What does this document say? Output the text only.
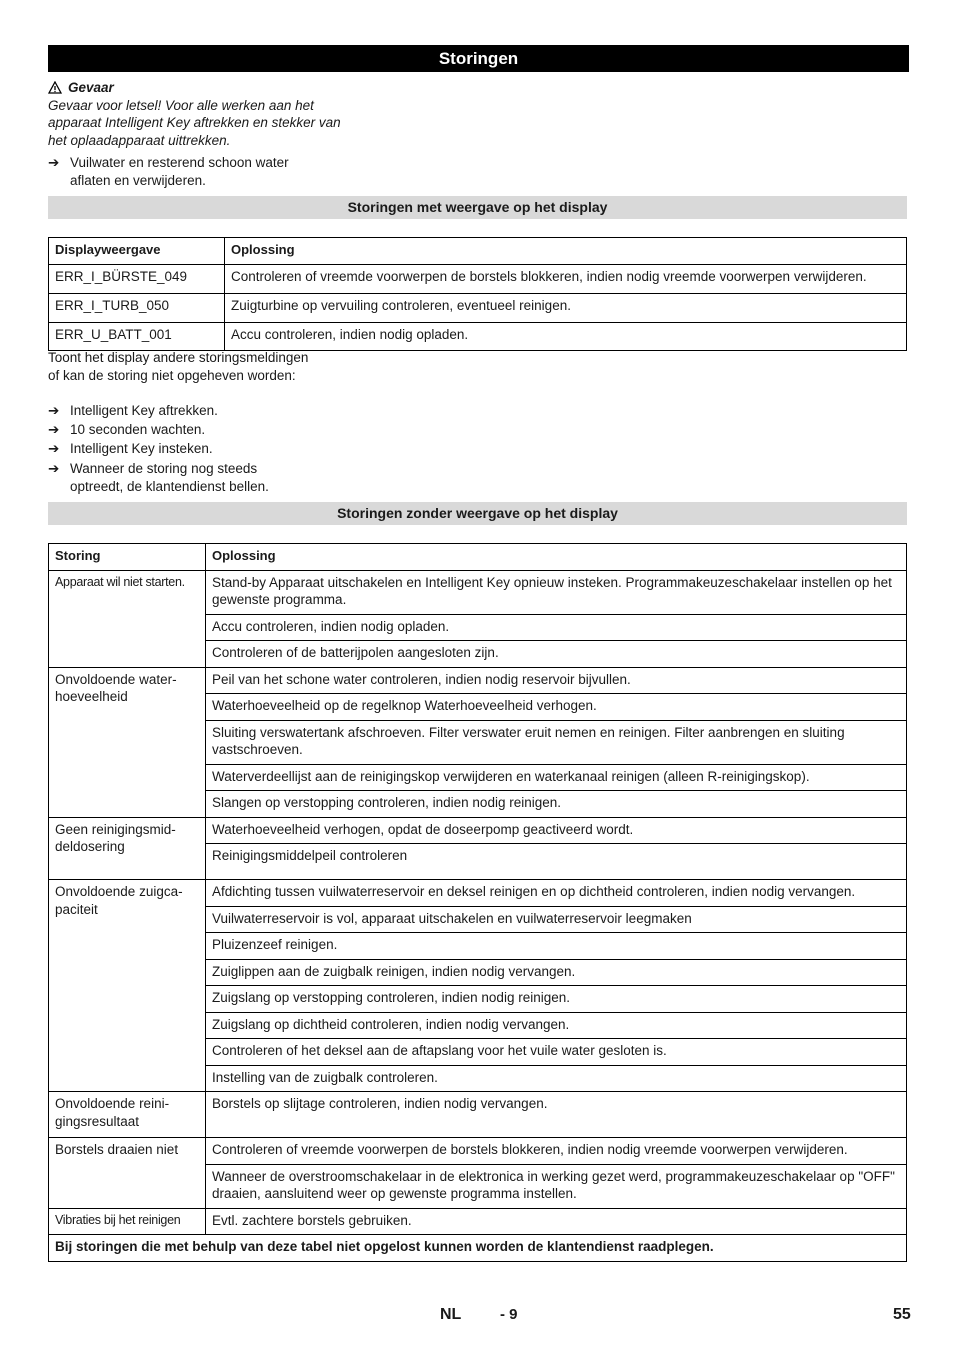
Storingen
Gevaar
Gevaar voor letsel! Voor alle werken aan het apparaat Intelligent Key aftrekken en stekker van het oplaadapparaat uittrekken.
➔ Vuilwater en resterend schoon water aflaten en verwijderen.
Storingen met weergave op het display
Displayweergave	Oplossing
ERR_I_BÜRSTE_049	Controleren of vreemde voorwerpen de borstels blokkeren, indien nodig vreemde voorwerpen verwijderen.
ERR_I_TURB_050	Zuigturbine op vervuiling controleren, eventueel reinigen.
ERR_U_BATT_001	Accu controleren, indien nodig opladen.
Toont het display andere storingsmeldingen of kan de storing niet opgeheven worden:
➔ Intelligent Key aftrekken.
➔ 10 seconden wachten.
➔ Intelligent Key insteken.
➔ Wanneer de storing nog steeds optreedt, de klantendienst bellen.
Storingen zonder weergave op het display
Storing	Oplossing
Apparaat wil niet starten.	Stand-by Apparaat uitschakelen en Intelligent Key opnieuw insteken. Programmakeuzeschakelaar instellen op het gewenste programma.
	Accu controleren, indien nodig opladen.
	Controleren of de batterijpolen aangesloten zijn.
Onvoldoende water-hoeveelheid	Peil van het schone water controleren, indien nodig reservoir bijvullen.
	Waterhoeveelheid op de regelknop Waterhoeveelheid verhogen.
	Sluiting verswatertank afschroeven. Filter verswater eruit nemen en reinigen. Filter aanbrengen en sluiting vastschroeven.
	Waterverdeellijst aan de reinigingskop verwijderen en waterkanaal reinigen (alleen R-reinigingskop).
	Slangen op verstopping controleren, indien nodig reinigen.
Geen reinigingsmid-deldosering	Waterhoeveelheid verhogen, opdat de doseerpomp geactiveerd wordt.
	Reinigingsmiddelpeil controleren
Onvoldoende zuigca-paciteit	Afdichting tussen vuilwaterreservoir en deksel reinigen en op dichtheid controleren, indien nodig vervangen.
	Vuilwaterreservoir is vol, apparaat uitschakelen en vuilwaterreservoir leegmaken
	Pluizenzeef reinigen.
	Zuiglippen aan de zuigbalk reinigen, indien nodig vervangen.
	Zuigslang op verstopping controleren, indien nodig reinigen.
	Zuigslang op dichtheid controleren, indien nodig vervangen.
	Controleren of het deksel aan de aftapslang voor het vuile water gesloten is.
	Instelling van de zuigbalk controleren.
Onvoldoende reini-gingsresultaat	Borstels op slijtage controleren, indien nodig vervangen.
Borstels draaien niet	Controleren of vreemde voorwerpen de borstels blokkeren, indien nodig vreemde voorwerpen verwijderen.
	Wanneer de overstroomschakelaar in de elektronica in werking gezet werd, programmakeuzeschakelaar op "OFF" draaien, aansluitend weer op gewenste programma instellen.
Vibraties bij het reinigen	Evtl. zachtere borstels gebruiken.
Bij storingen die met behulp van deze tabel niet opgelost kunnen worden de klantendienst raadplegen.	
NL	- 9	55
